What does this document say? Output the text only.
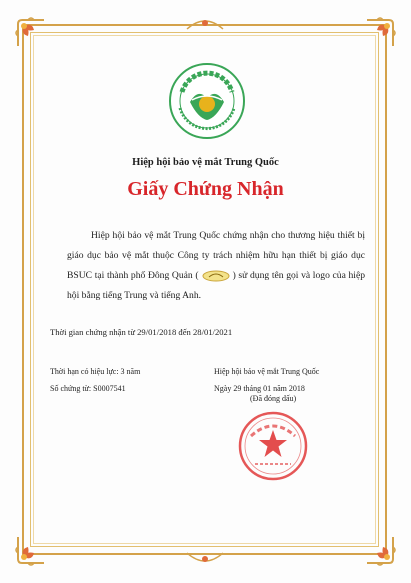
Hiệp hội bảo vệ mắt Trung Quốc
Giấy Chứng Nhận
Hiệp hội bảo vệ mắt Trung Quốc chứng nhận cho thương hiệu thiết bị giáo dục bảo vệ mắt thuộc Công ty trách nhiệm hữu hạn thiết bị giáo dục BSUC tại thành phố Đông Quản (	) sử dụng tên gọi và logo của hiệp hội bằng tiếng Trung và tiếng Anh.
Thời gian chứng nhận từ 29/01/2018 đến 28/01/2021
Thời hạn có hiệu lực: 3 năm
Số chứng từ: S0007541
Hiệp hội bảo vệ mắt Trung Quốc
Ngày 29 tháng 01 năm 2018
(Đã đóng dấu)
